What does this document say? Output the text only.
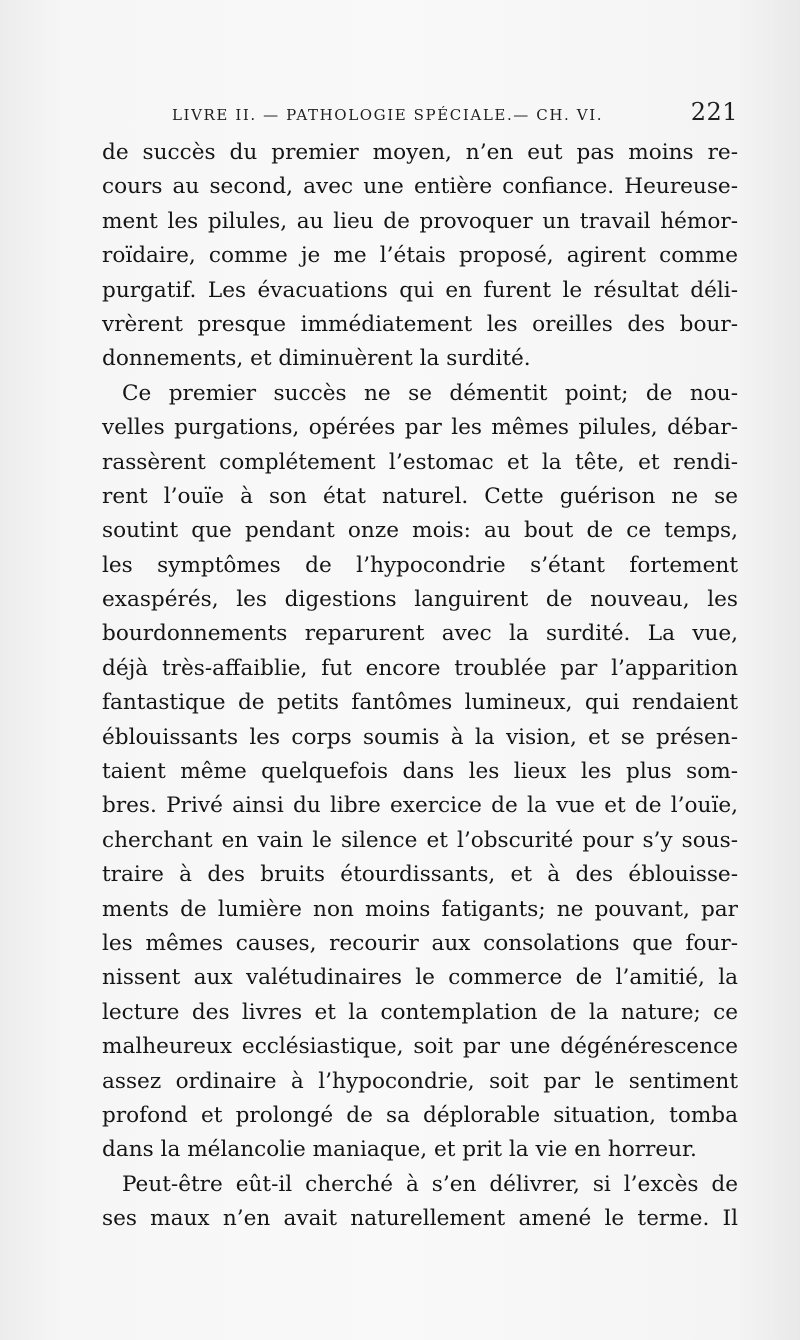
LIVRE II. — PATHOLOGIE SPÉCIALE.— CH. VI.	221
de succès du premier moyen, n’en eut pas moins re-
cours au second, avec une entière confiance. Heureuse-
ment les pilules, au lieu de provoquer un travail hémor-
roïdaire, comme je me l’étais proposé, agirent comme
purgatif. Les évacuations qui en furent le résultat déli-
vrèrent presque immédiatement les oreilles des bour-
donnements, et diminuèrent la surdité.
Ce premier succès ne se démentit point; de nou-
velles purgations, opérées par les mêmes pilules, débar-
rassèrent complétement l’estomac et la tête, et rendi-
rent l’ouïe à son état naturel. Cette guérison ne se
soutint que pendant onze mois: au bout de ce temps,
les symptômes de l’hypocondrie s’étant fortement
exaspérés, les digestions languirent de nouveau, les
bourdonnements reparurent avec la surdité. La vue,
déjà très-affaiblie, fut encore troublée par l’apparition
fantastique de petits fantômes lumineux, qui rendaient
éblouissants les corps soumis à la vision, et se présen-
taient même quelquefois dans les lieux les plus som-
bres. Privé ainsi du libre exercice de la vue et de l’ouïe,
cherchant en vain le silence et l’obscurité pour s’y sous-
traire à des bruits étourdissants, et à des éblouisse-
ments de lumière non moins fatigants; ne pouvant, par
les mêmes causes, recourir aux consolations que four-
nissent aux valétudinaires le commerce de l’amitié, la
lecture des livres et la contemplation de la nature; ce
malheureux ecclésiastique, soit par une dégénérescence
assez ordinaire à l’hypocondrie, soit par le sentiment
profond et prolongé de sa déplorable situation, tomba
dans la mélancolie maniaque, et prit la vie en horreur.
Peut-être eût-il cherché à s’en délivrer, si l’excès de
ses maux n’en avait naturellement amené le terme. Il
